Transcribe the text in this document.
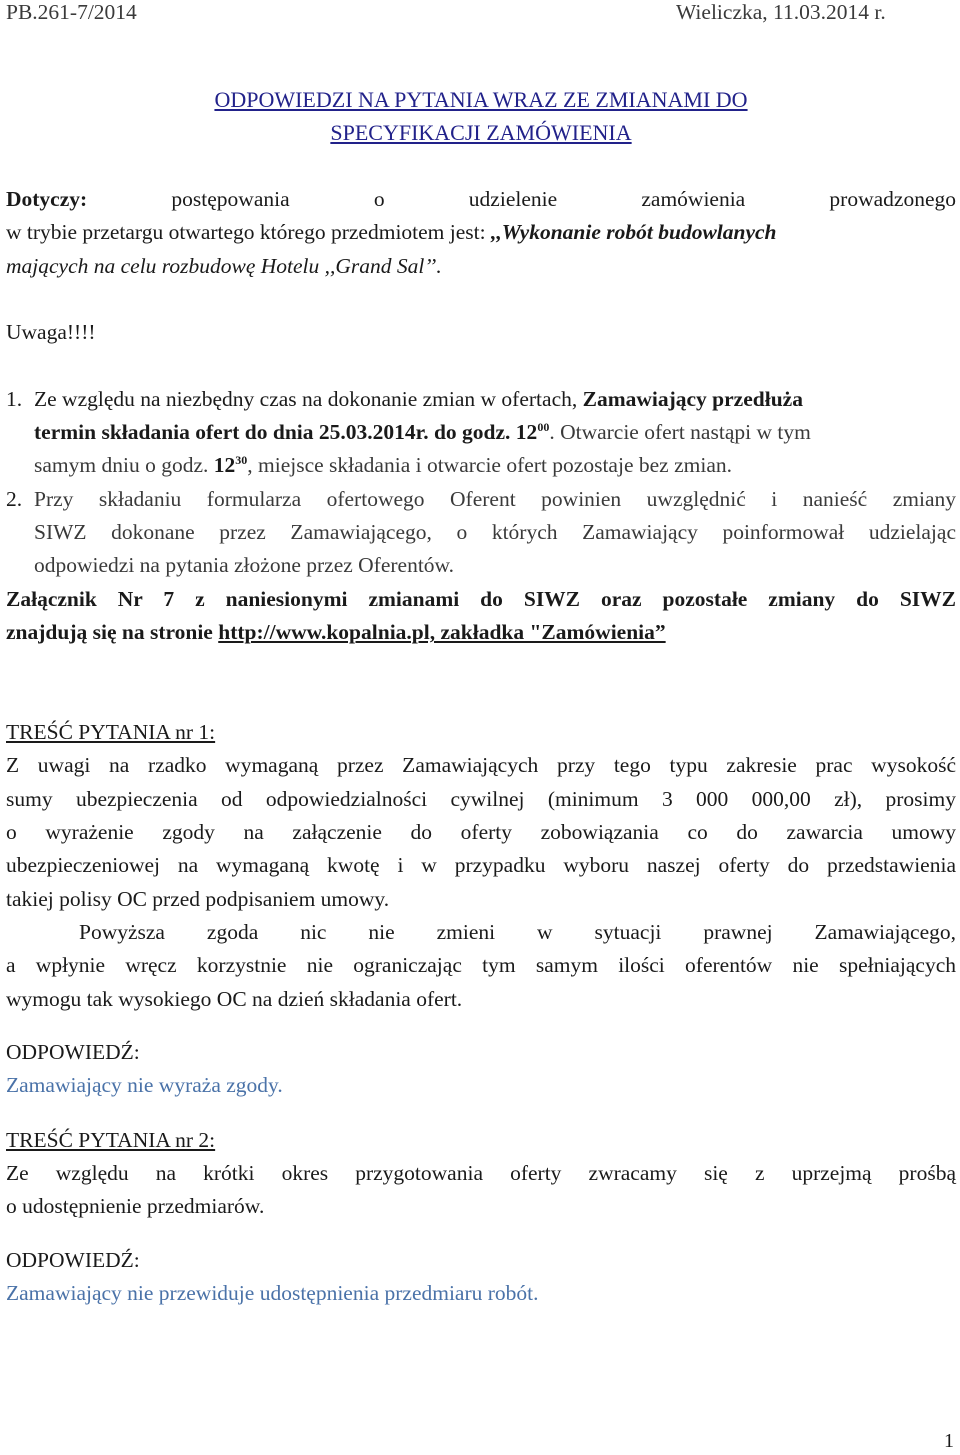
PB.261-7/2014	Wieliczka, 11.03.2014 r.
ODPOWIEDZI NA PYTANIA WRAZ ZE ZMIANAMI DO
SPECYFIKACJI ZAMÓWIENIA
Dotyczy:	postępowania o udzielenie zamówienia prowadzonego
w trybie przetargu otwartego którego przedmiotem jest: ,,Wykonanie robót budowlanych
mających na celu rozbudowę Hotelu ,,Grand Sal’’.
Uwaga!!!!
1. Ze względu na niezbędny czas na dokonanie zmian w ofertach, Zamawiający przedłuża
termin składania ofert do dnia 25.03.2014r. do godz. $12^{00}$. Otwarcie ofert nastąpi w tym
samym dniu o godz. $12^{30}$, miejsce składania i otwarcie ofert pozostaje bez zmian.
2. Przy składaniu formularza ofertowego Oferent powinien uwzględnić i nanieść zmiany
SIWZ dokonane przez Zamawiającego, o których Zamawiający poinformował udzielając
odpowiedzi na pytania złożone przez Oferentów.
Załącznik Nr 7 z naniesionymi zmianami do SIWZ oraz pozostałe zmiany do SIWZ
znajdują się na stronie http://www.kopalnia.pl, zakładka "Zamówienia”
TREŚĆ PYTANIA nr 1:
Z uwagi na rzadko wymaganą przez Zamawiających przy tego typu zakresie prac wysokość
sumy ubezpieczenia od odpowiedzialności cywilnej (minimum 3 000 000,00 zł), prosimy
o wyrażenie zgody na załączenie do oferty zobowiązania co do zawarcia umowy
ubezpieczeniowej na wymaganą kwotę i w przypadku wyboru naszej oferty do przedstawienia
takiej polisy OC przed podpisaniem umowy.
Powyższa zgoda nic nie zmieni w sytuacji prawnej Zamawiającego,
a wpłynie wręcz korzystnie nie ograniczając tym samym ilości oferentów nie spełniających
wymogu tak wysokiego OC na dzień składania ofert.
ODPOWIEDŹ:
Zamawiający nie wyraża zgody.
TREŚĆ PYTANIA nr 2:
Ze względu na krótki okres przygotowania oferty zwracamy się z uprzejmą prośbą
o udostępnienie przedmiarów.
ODPOWIEDŹ:
Zamawiający nie przewiduje udostępnienia przedmiaru robót.
1
